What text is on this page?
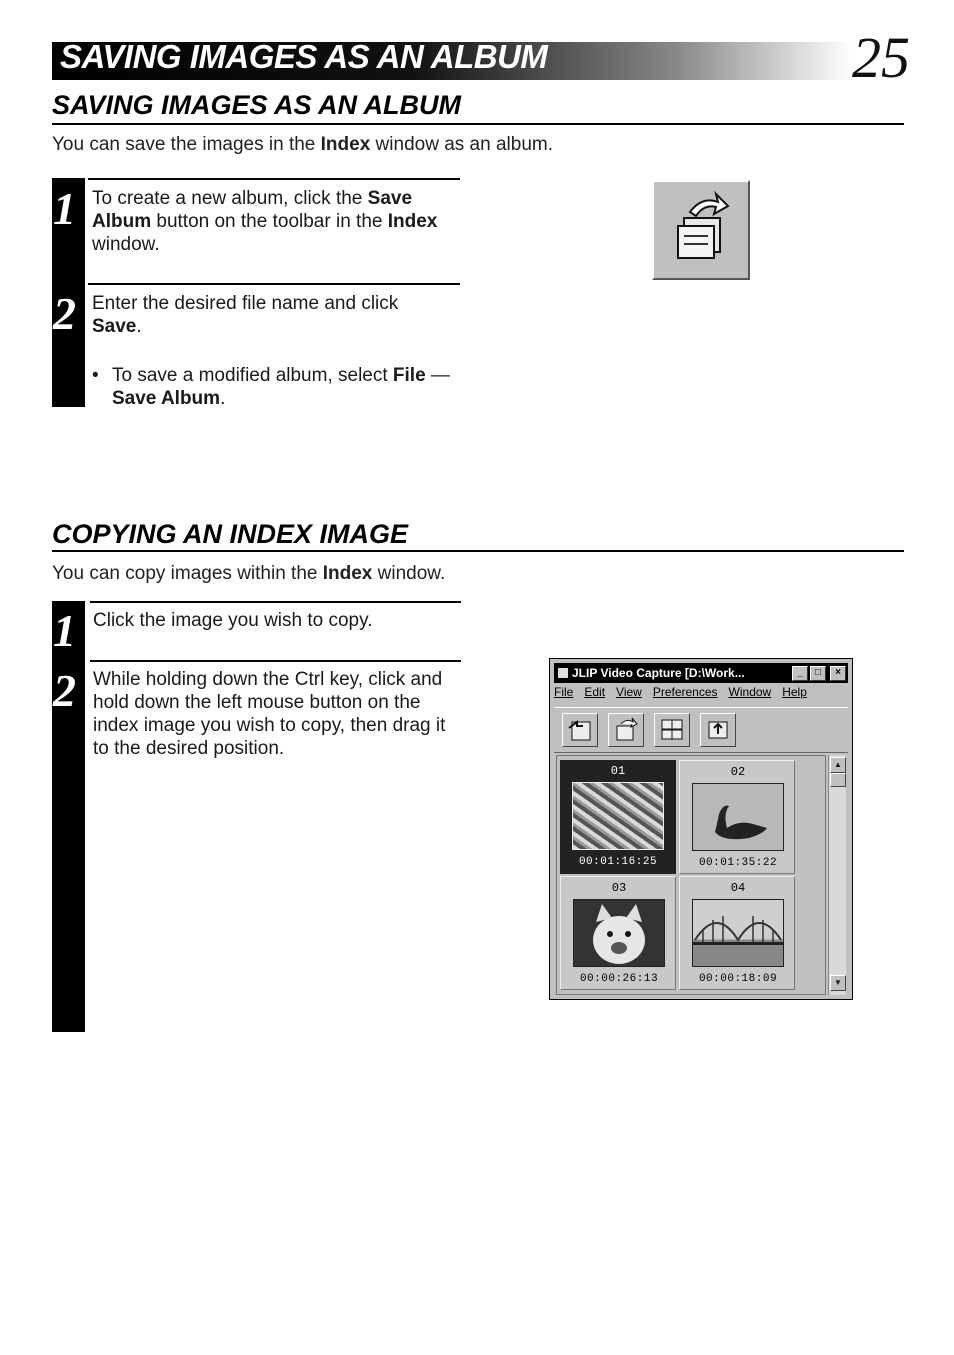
SAVING IMAGES AS AN ALBUM	25
SAVING IMAGES AS AN ALBUM
You can save the images in the Index window as an album.
1 To create a new album, click the Save Album button on the toolbar in the Index window.
2 Enter the desired file name and click Save.
• To save a modified album, select File — Save Album.
COPYING AN INDEX IMAGE
You can copy images within the Index window.
1 Click the image you wish to copy.
2 While holding down the Ctrl key, click and hold down the left mouse button on the index image you wish to copy, then drag it to the desired position.
JLIP Video Capture [D:\Work...	_	□	×
File Edit View Preferences Window Help
01
00:01:16:25
02
00:01:35:22
03
00:00:26:13
04
00:00:18:09
▲
▼
